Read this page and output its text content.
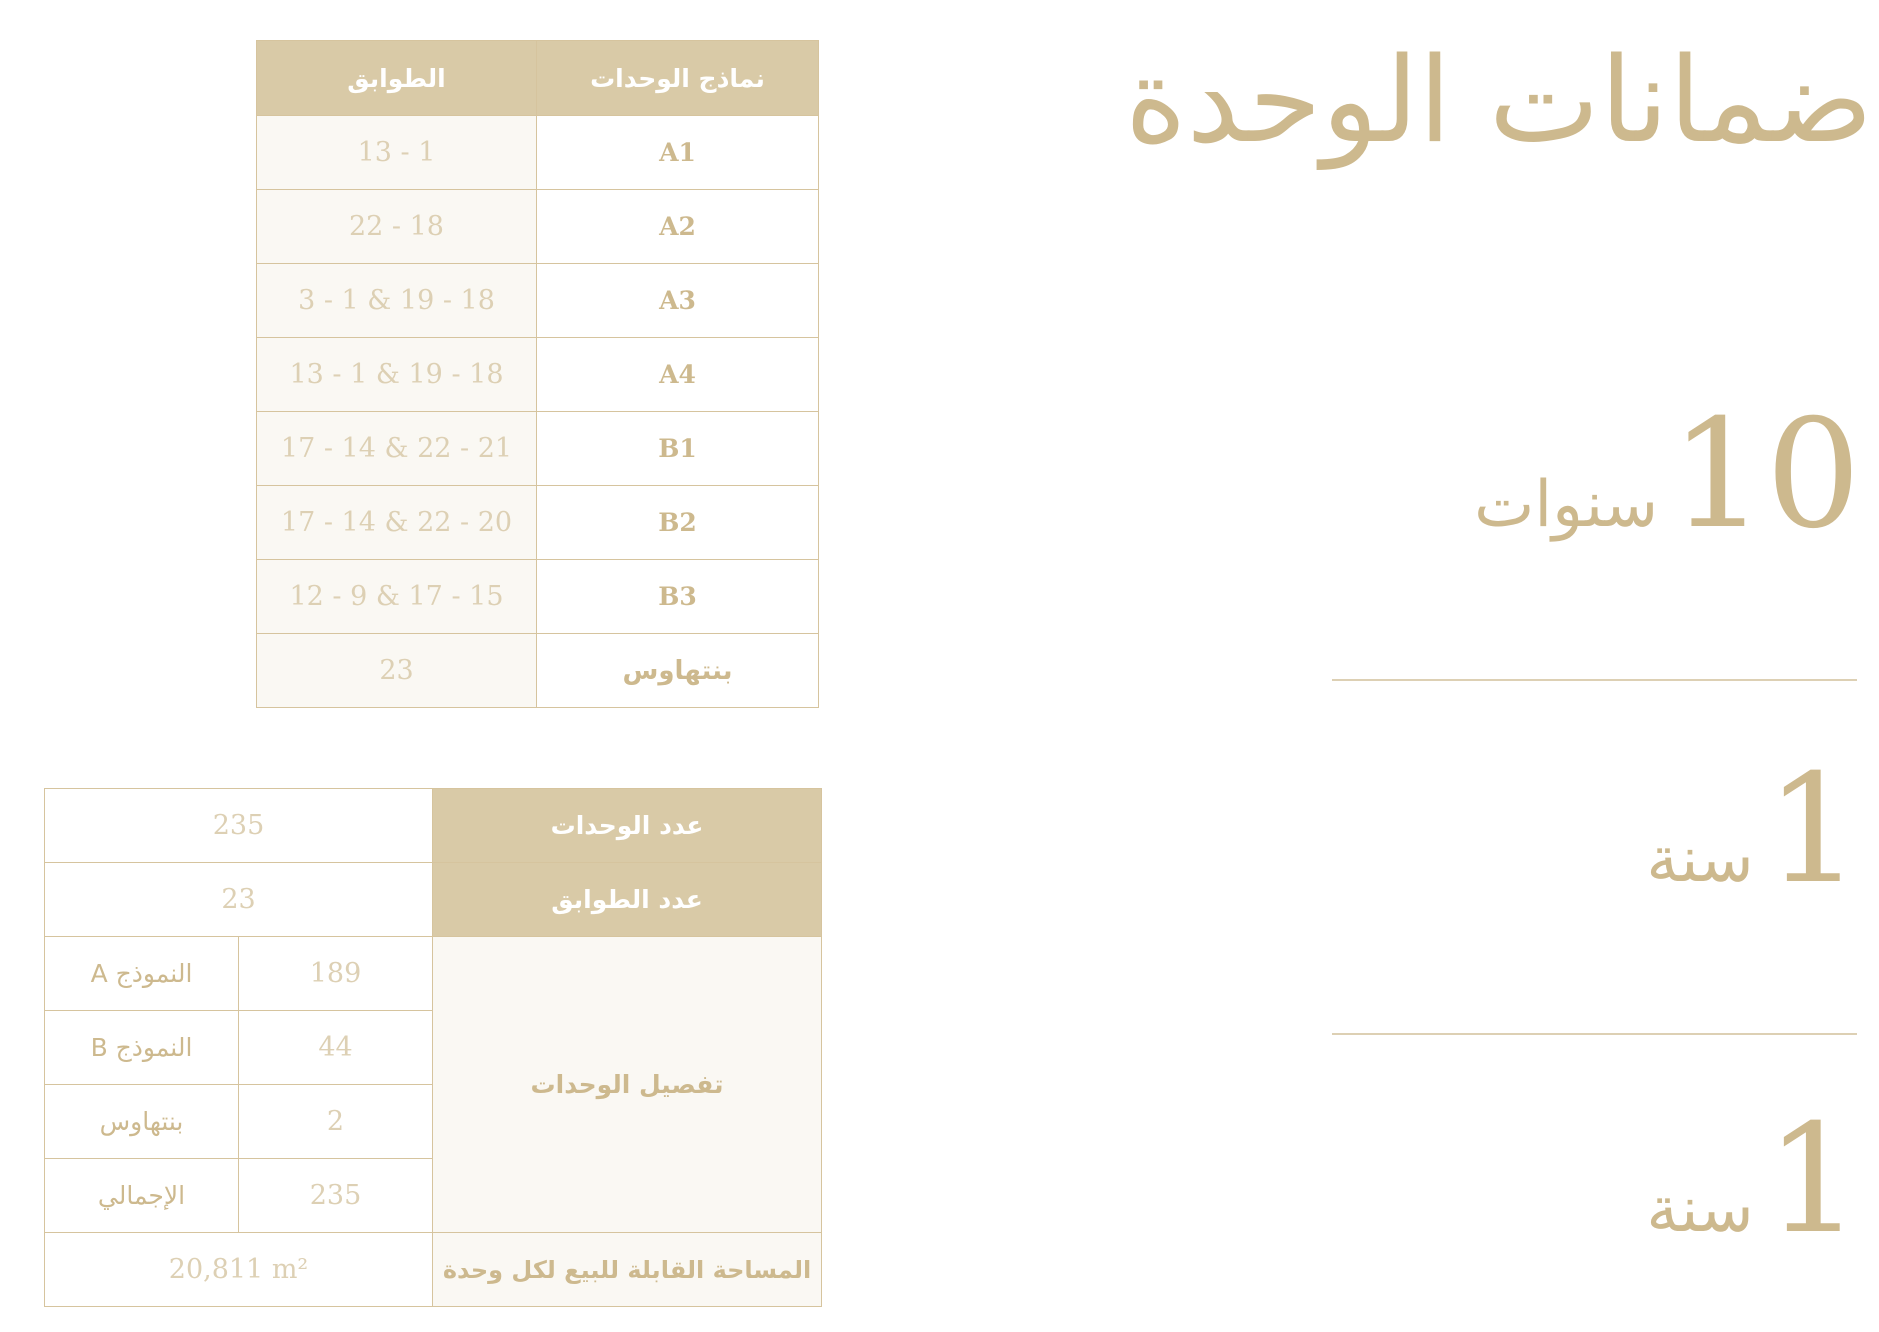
ضمانات الوحدة
10
سنوات
1
سنة
1
سنة
الطوابق	نماذج الوحدات
13 - 1	A1
22 - 18	A2
3 - 1 & 19 - 18	A3
13 - 1 & 19 - 18	A4
17 - 14 & 22 - 21	B1
17 - 14 & 22 - 20	B2
12 - 9 & 17 - 15	B3
23	بنتهاوس
235		عدد الوحدات
23		عدد الطوابق
النموذج A	189	تفصيل الوحدات
النموذج B	44	
بنتهاوس	2	
الإجمالي	235	
20,811 m²		المساحة القابلة للبيع لكل وحدة
